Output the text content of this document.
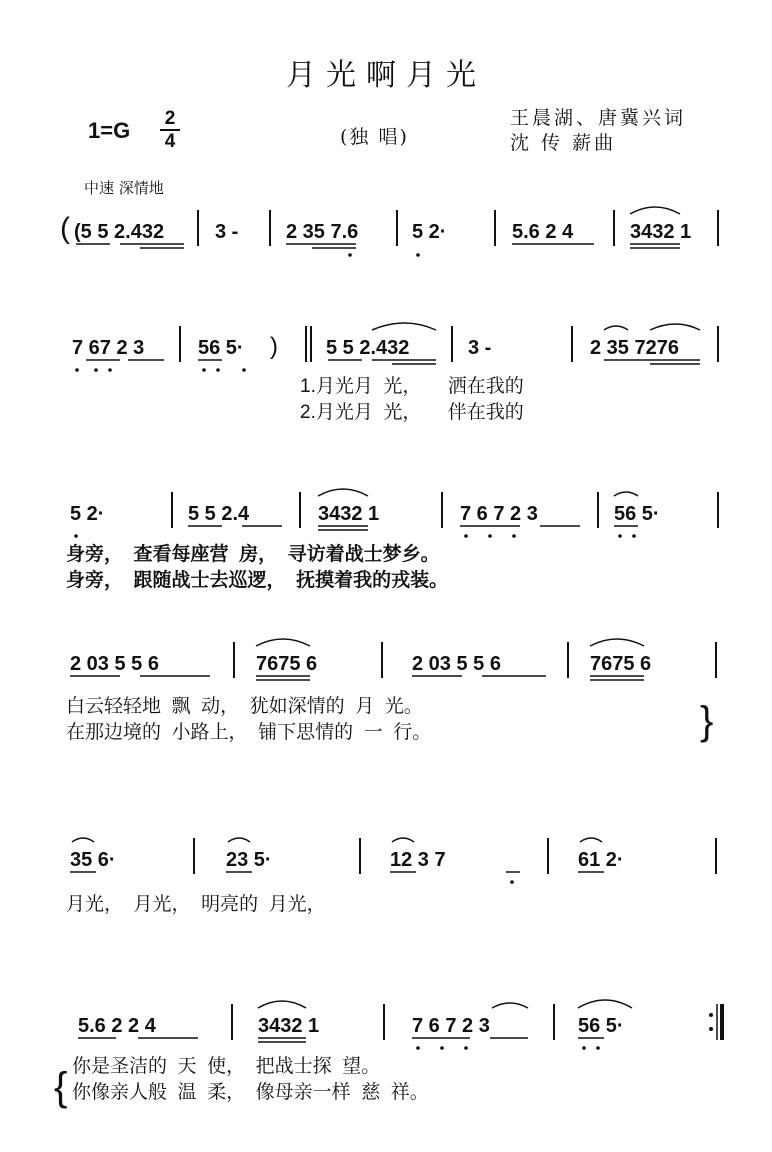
月光啊月光
1=G 2
4	(独 唱)
王晨湖、唐冀兴词
沈 传 薪曲
中速 深情地
( (5 5 2.432	3 - 2 35 7.6	5 2·	5.6 2 4	3432 1
7 67 2 3	56 5· ) 5 5 2.432	3 -	2 35 7276
1.月光月  光，     洒在我的
2.月光月  光，     伴在我的
5 2·	5 5 2.4	3432 1	7 6 7 2 3	56 5·
身旁，  查看每座营  房，  寻访着战士梦乡。
身旁，  跟随战士去巡逻，  抚摸着我的戎装。
2 03 5 5 6	7675 6	2 03 5 5 6	7675 6
白云轻轻地  飘  动，  犹如深情的  月  光。
在那边境的  小路上，  铺下思情的  一  行。	}
35 6·	23 5·	12 3 7	61 2·
月光，  月光，  明亮的  月光，
5.6 2 2 4	3432 1	7 6 7 2 3	56 5·
{ 你是圣洁的  天  使，  把战士探  望。
你像亲人般  温  柔，  像母亲一样  慈  祥。
